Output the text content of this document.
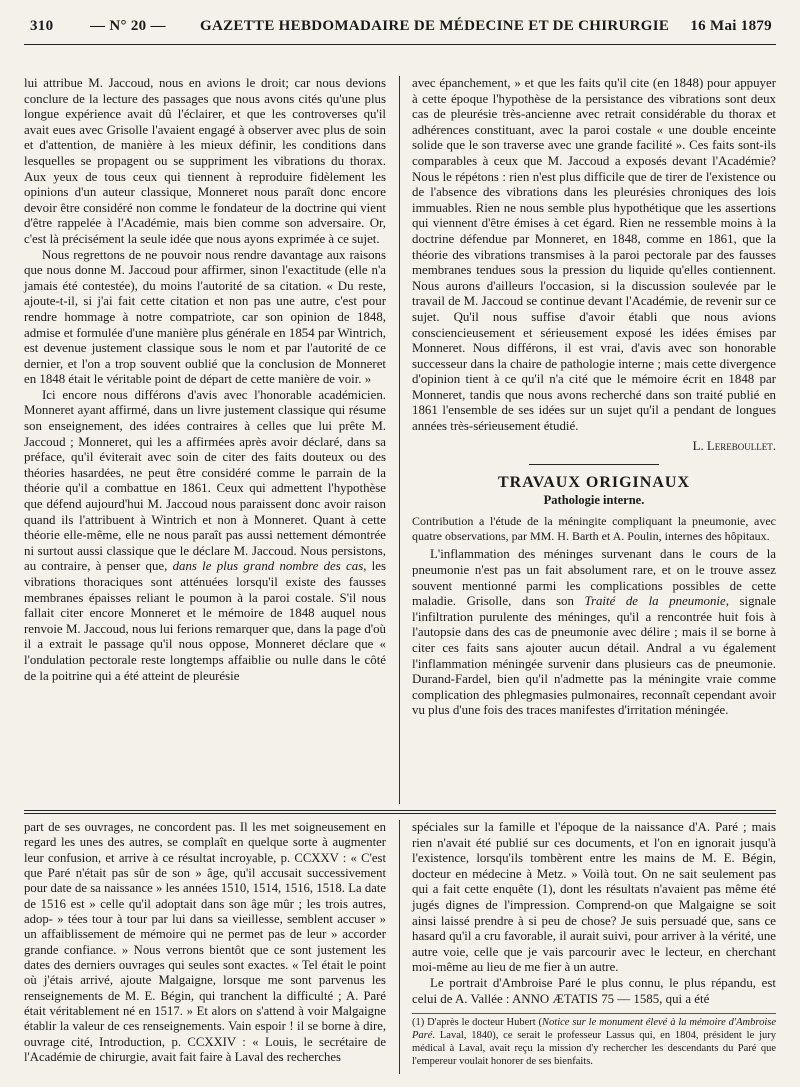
310 — N° 20 — GAZETTE HEBDOMADAIRE DE MÉDECINE ET DE CHIRURGIE 16 Mai 1879

lui attribue M. Jaccoud, nous en avions le droit; car nous devions conclure de la lecture des passages que nous avons cités qu'une plus longue expérience avait dû l'éclairer, et que les controverses qu'il avait eues avec Grisolle l'avaient engagé à observer avec plus de soin et d'attention, de manière à les mieux définir, les conditions dans lesquelles se propagent ou se suppriment les vibrations du thorax. Aux yeux de tous ceux qui tiennent à reproduire fidèlement les opinions d'un auteur classique, Monneret nous paraît donc encore devoir être considéré non comme le fondateur de la doctrine qui vient d'être rappelée à l'Académie, mais bien comme son adversaire. Or, c'est là précisément la seule idée que nous ayons exprimée à ce sujet.

Nous regrettons de ne pouvoir nous rendre davantage aux raisons que nous donne M. Jaccoud pour affirmer, sinon l'exactitude (elle n'a jamais été contestée), du moins l'autorité de sa citation. « Du reste, ajoute-t-il, si j'ai fait cette citation et non pas une autre, c'est pour rendre hommage à notre compatriote, car son opinion de 1848, admise et formulée d'une manière plus générale en 1854 par Wintrich, est devenue justement classique sous le nom et par l'autorité de ce dernier, et l'on a trop souvent oublié que la conclusion de Monneret en 1848 était le véritable point de départ de cette manière de voir. »

Ici encore nous différons d'avis avec l'honorable académicien. Monneret ayant affirmé, dans un livre justement classique qui résume son enseignement, des idées contraires à celles que lui prête M. Jaccoud ; Monneret, qui les a affirmées après avoir déclaré, dans sa préface, qu'il éviterait avec soin de citer des faits douteux ou des théories hasardées, ne peut être considéré comme le parrain de la théorie qu'il a combattue en 1861. Ceux qui admettent l'hypothèse que défend aujourd'hui M. Jaccoud nous paraissent donc avoir raison quand ils l'attribuent à Wintrich et non à Monneret. Quant à cette théorie elle-même, elle ne nous paraît pas aussi nettement démontrée ni surtout aussi classique que le déclare M. Jaccoud. Nous persistons, au contraire, à penser que, dans le plus grand nombre des cas, les vibrations thoraciques sont atténuées lorsqu'il existe des fausses membranes épaisses reliant le poumon à la paroi costale. S'il nous fallait citer encore Monneret et le mémoire de 1848 auquel nous renvoie M. Jaccoud, nous lui ferions remarquer que, dans la page d'où il a extrait le passage qu'il nous oppose, Monneret déclare que « l'ondulation pectorale reste longtemps affaiblie ou nulle dans le côté de la poitrine qui a été atteint de pleurésie

avec épanchement, » et que les faits qu'il cite (en 1848) pour appuyer à cette époque l'hypothèse de la persistance des vibrations sont deux cas de pleurésie très-ancienne avec retrait considérable du thorax et adhérences constituant, avec la paroi costale « une double enceinte solide que le son traverse avec une grande facilité ». Ces faits sont-ils comparables à ceux que M. Jaccoud a exposés devant l'Académie? Nous le répétons : rien n'est plus difficile que de tirer de l'existence ou de l'absence des vibrations dans les pleurésies chroniques des lois immuables. Rien ne nous semble plus hypothétique que les assertions qui viennent d'être émises à cet égard. Rien ne ressemble moins à la doctrine défendue par Monneret, en 1848, comme en 1861, que la théorie des vibrations transmises à la paroi pectorale par des fausses membranes tendues sous la pression du liquide qu'elles contiennent. Nous aurons d'ailleurs l'occasion, si la discussion soulevée par le travail de M. Jaccoud se continue devant l'Académie, de revenir sur ce sujet. Qu'il nous suffise d'avoir établi que nous avions consciencieusement et sérieusement exposé les idées émises par Monneret. Nous différons, il est vrai, d'avis avec son honorable successeur dans la chaire de pathologie interne ; mais cette divergence d'opinion tient à ce qu'il n'a cité que le mémoire écrit en 1848 par Monneret, tandis que nous avons recherché dans son traité publié en 1861 l'ensemble de ses idées sur un sujet qu'il a pendant de longues années très-sérieusement étudié.

L. Lereboullet.

TRAVAUX ORIGINAUX

Pathologie interne.

Contribution a l'étude de la méningite compliquant la pneumonie, avec quatre observations, par MM. H. Barth et A. Poulin, internes des hôpitaux.

L'inflammation des méninges survenant dans le cours de la pneumonie n'est pas un fait absolument rare, et on le trouve assez souvent mentionné parmi les complications possibles de cette maladie. Grisolle, dans son Traité de la pneumonie, signale l'infiltration purulente des méninges, qu'il a rencontrée huit fois à l'autopsie dans des cas de pneumonie avec délire ; mais il se borne à citer ces faits sans ajouter aucun détail. Andral a vu également l'inflammation méningée survenir dans plusieurs cas de pneumonie. Durand-Fardel, bien qu'il n'admette pas la méningite vraie comme complication des phlegmasies pulmonaires, reconnaît cependant avoir vu plus d'une fois des traces manifestes d'irritation méningée.

part de ses ouvrages, ne concordent pas. Il les met soigneusement en regard les unes des autres, se complaît en quelque sorte à augmenter leur confusion, et arrive à ce résultat incroyable, p. CCXXV : « C'est que Paré n'était pas sûr de son » âge, qu'il accusait successivement pour date de sa naissance » les années 1510, 1514, 1516, 1518. La date de 1516 est » celle qu'il adoptait dans son âge mûr ; les trois autres, adop- » tées tour à tour par lui dans sa vieillesse, semblent accuser » un affaiblissement de mémoire qui ne permet pas de leur » accorder grande confiance. » Nous verrons bientôt que ce sont justement les dates des derniers ouvrages qui seules sont exactes. « Tel était le point où j'étais arrivé, ajoute Malgaigne, lorsque me sont parvenus les renseignements de M. E. Bégin, qui tranchent la difficulté ; A. Paré était véritablement né en 1517. » Et alors on s'attend à voir Malgaigne établir la valeur de ces renseignements. Vain espoir ! il se borne à dire, ouvrage cité, Introduction, p. CCXXIV : « Louis, le secrétaire de l'Académie de chirurgie, avait fait faire à Laval des recherches

spéciales sur la famille et l'époque de la naissance d'A. Paré ; mais rien n'avait été publié sur ces documents, et l'on en ignorait jusqu'à l'existence, lorsqu'ils tombèrent entre les mains de M. E. Bégin, docteur en médecine à Metz. » Voilà tout. On ne sait seulement pas qui a fait cette enquête (1), dont les résultats n'avaient pas même été jugés dignes de l'impression. Comprend-on que Malgaigne se soit ainsi laissé prendre à si peu de chose? Je suis persuadé que, sans ce hasard qu'il a cru favorable, il aurait suivi, pour arriver à la vérité, une autre voie, celle que je vais parcourir avec le lecteur, en cherchant moi-même au lieu de me fier à un autre.

Le portrait d'Ambroise Paré le plus connu, le plus répandu, est celui de A. Vallée : ANNO ÆTATIS 75 — 1585, qui a été

(1) D'après le docteur Hubert (Notice sur le monument élevé à la mémoire d'Ambroise Paré. Laval, 1840), ce serait le professeur Lassus qui, en 1804, président le jury médical à Laval, avait reçu la mission d'y rechercher les descendants du Paré que l'empereur voulait honorer de ses bienfaits.
